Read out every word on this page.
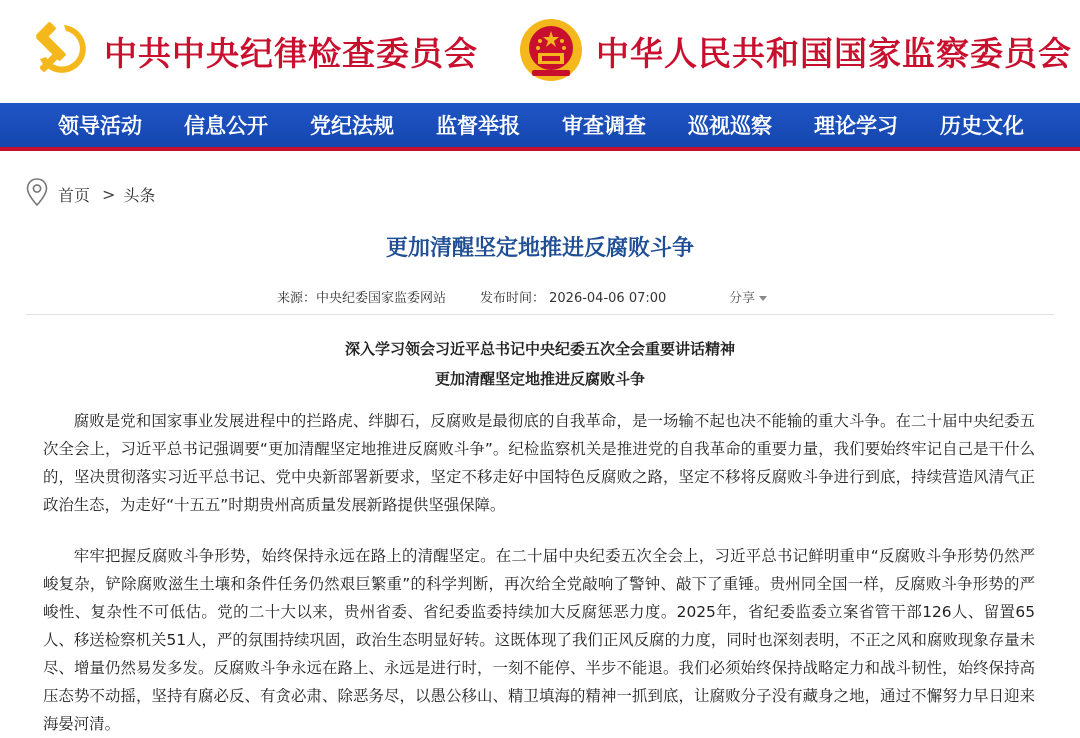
中共中央纪律检查委员会	中华人民共和国国家监察委员会
领导活动	信息公开	党纪法规	监督举报	审查调查	巡视巡察	理论学习	历史文化
首页 > 头条
更加清醒坚定地推进反腐败斗争
来源：中央纪委国家监委网站	发布时间： 2026-04-06 07:00	分享
深入学习领会习近平总书记中央纪委五次全会重要讲话精神
更加清醒坚定地推进反腐败斗争

腐败是党和国家事业发展进程中的拦路虎、绊脚石，反腐败是最彻底的自我革命，是一场输不起也决不能输的重大斗争。在二十届中央纪委五次全会上，习近平总书记强调要“更加清醒坚定地推进反腐败斗争”。纪检监察机关是推进党的自我革命的重要力量，我们要始终牢记自己是干什么的，坚决贯彻落实习近平总书记、党中央新部署新要求，坚定不移走好中国特色反腐败之路，坚定不移将反腐败斗争进行到底，持续营造风清气正政治生态，为走好“十五五”时期贵州高质量发展新路提供坚强保障。

牢牢把握反腐败斗争形势，始终保持永远在路上的清醒坚定。在二十届中央纪委五次全会上，习近平总书记鲜明重申“反腐败斗争形势仍然严峻复杂，铲除腐败滋生土壤和条件任务仍然艰巨繁重”的科学判断，再次给全党敲响了警钟、敲下了重锤。贵州同全国一样，反腐败斗争形势的严峻性、复杂性不可低估。党的二十大以来，贵州省委、省纪委监委持续加大反腐惩恶力度。2025年，省纪委监委立案省管干部126人、留置65人、移送检察机关51人，严的氛围持续巩固，政治生态明显好转。这既体现了我们正风反腐的力度，同时也深刻表明，不正之风和腐败现象存量未尽、增量仍然易发多发。反腐败斗争永远在路上、永远是进行时，一刻不能停、半步不能退。我们必须始终保持战略定力和战斗韧性，始终保持高压态势不动摇，坚持有腐必反、有贪必肃、除恶务尽，以愚公移山、精卫填海的精神一抓到底，让腐败分子没有藏身之地，通过不懈努力早日迎来海晏河清。
